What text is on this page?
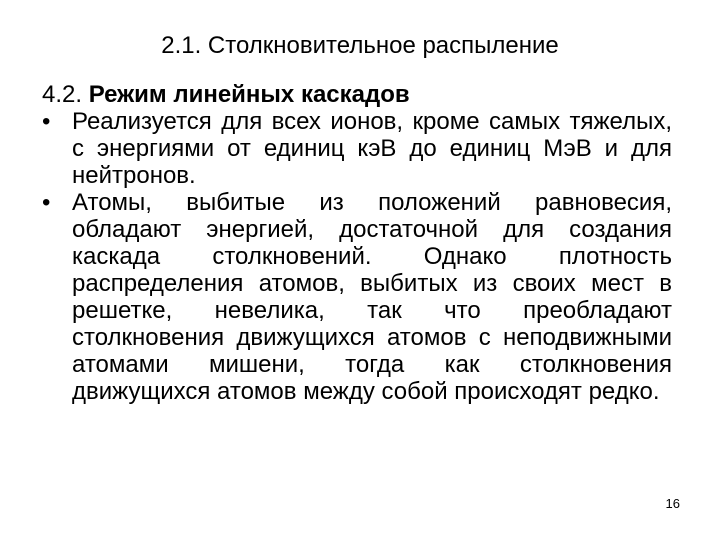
2.1. Столкновительное распыление

4.2. Режим линейных каскадов

• Реализуется для всех ионов, кроме самых тяжелых, с энергиями от единиц кэВ до единиц МэВ и для нейтронов.
• Атомы, выбитые из положений равновесия, обладают энергией, достаточной для создания каскада столкновений. Однако плотность распределения атомов, выбитых из своих мест в решетке, невелика, так что преобладают столкновения движущихся атомов с неподвижными атомами мишени, тогда как столкновения движущихся атомов между собой происходят редко.
16
